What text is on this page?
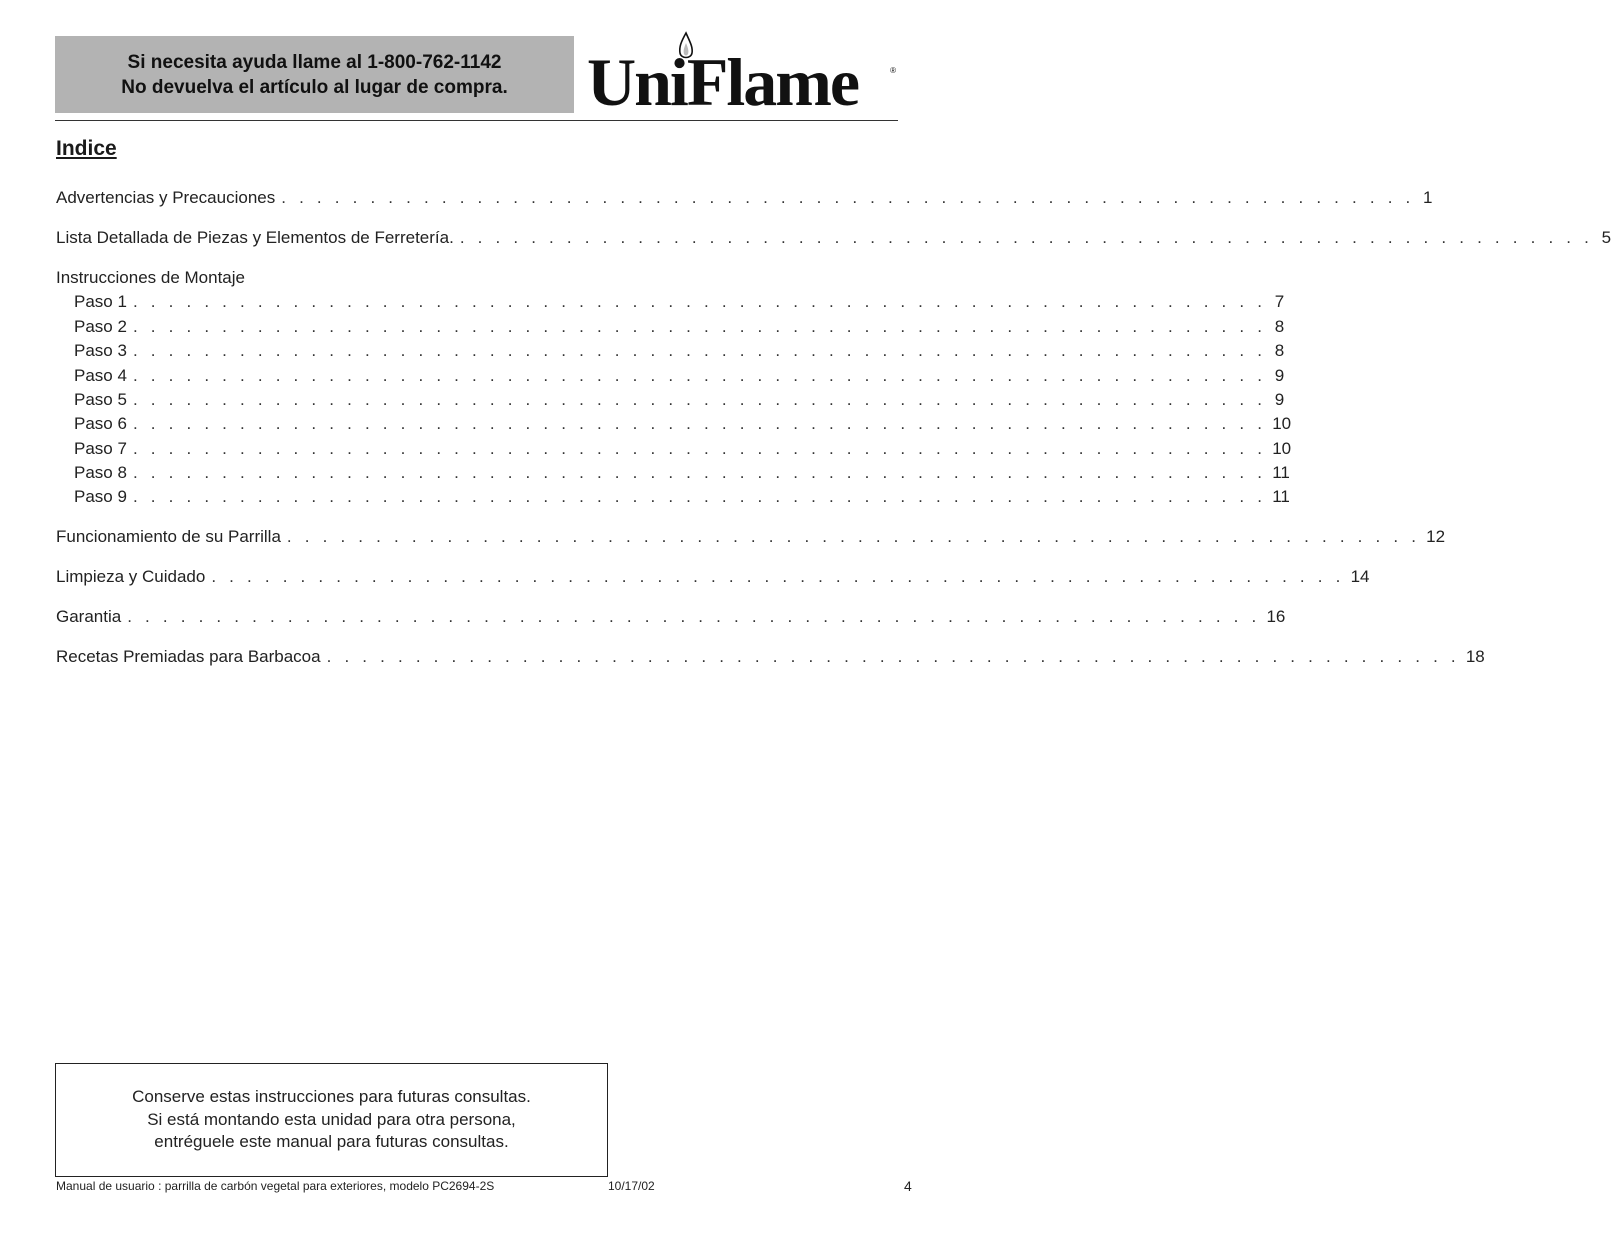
Si necesita ayuda llame al 1-800-762-1142
No devuelva el artículo al lugar de compra. UniFlame	®
Indice
Advertencias y Precauciones . . . . . . . . . . . . . . . . . . . . . . . . . . . . . . . . . . . . . . . . . . . . . . . . . . . . . . . . . . . . . . . . 1
Lista Detallada de Piezas y Elementos de Ferretería. . . . . . . . . . . . . . . . . . . . . . . . . . . . . . . . . . . . . . . . . . . . . . . . . . . . . . . . . . . . . . . . . 5
Instrucciones de Montaje
Paso 1 . . . . . . . . . . . . . . . . . . . . . . . . . . . . . . . . . . . . . . . . . . . . . . . . . . . . . . . . . . . . . . . . 7
Paso 2 . . . . . . . . . . . . . . . . . . . . . . . . . . . . . . . . . . . . . . . . . . . . . . . . . . . . . . . . . . . . . . . . 8
Paso 3 . . . . . . . . . . . . . . . . . . . . . . . . . . . . . . . . . . . . . . . . . . . . . . . . . . . . . . . . . . . . . . . . 8
Paso 4 . . . . . . . . . . . . . . . . . . . . . . . . . . . . . . . . . . . . . . . . . . . . . . . . . . . . . . . . . . . . . . . . 9
Paso 5 . . . . . . . . . . . . . . . . . . . . . . . . . . . . . . . . . . . . . . . . . . . . . . . . . . . . . . . . . . . . . . . . 9
Paso 6 . . . . . . . . . . . . . . . . . . . . . . . . . . . . . . . . . . . . . . . . . . . . . . . . . . . . . . . . . . . . . . . . 10
Paso 7 . . . . . . . . . . . . . . . . . . . . . . . . . . . . . . . . . . . . . . . . . . . . . . . . . . . . . . . . . . . . . . . . 10
Paso 8 . . . . . . . . . . . . . . . . . . . . . . . . . . . . . . . . . . . . . . . . . . . . . . . . . . . . . . . . . . . . . . . . 11
Paso 9 . . . . . . . . . . . . . . . . . . . . . . . . . . . . . . . . . . . . . . . . . . . . . . . . . . . . . . . . . . . . . . . . 11
Funcionamiento de su Parrilla . . . . . . . . . . . . . . . . . . . . . . . . . . . . . . . . . . . . . . . . . . . . . . . . . . . . . . . . . . . . . . . . 12
Limpieza y Cuidado . . . . . . . . . . . . . . . . . . . . . . . . . . . . . . . . . . . . . . . . . . . . . . . . . . . . . . . . . . . . . . . . 14
Garantia . . . . . . . . . . . . . . . . . . . . . . . . . . . . . . . . . . . . . . . . . . . . . . . . . . . . . . . . . . . . . . . . 16
Recetas Premiadas para Barbacoa . . . . . . . . . . . . . . . . . . . . . . . . . . . . . . . . . . . . . . . . . . . . . . . . . . . . . . . . . . . . . . . . 18
Conserve estas instrucciones para futuras consultas.
Si está montando esta unidad para otra persona,
entréguele este manual para futuras consultas.
Manual de usuario : parrilla de carbón vegetal para exteriores, modelo PC2694-2S	10/17/02	4
